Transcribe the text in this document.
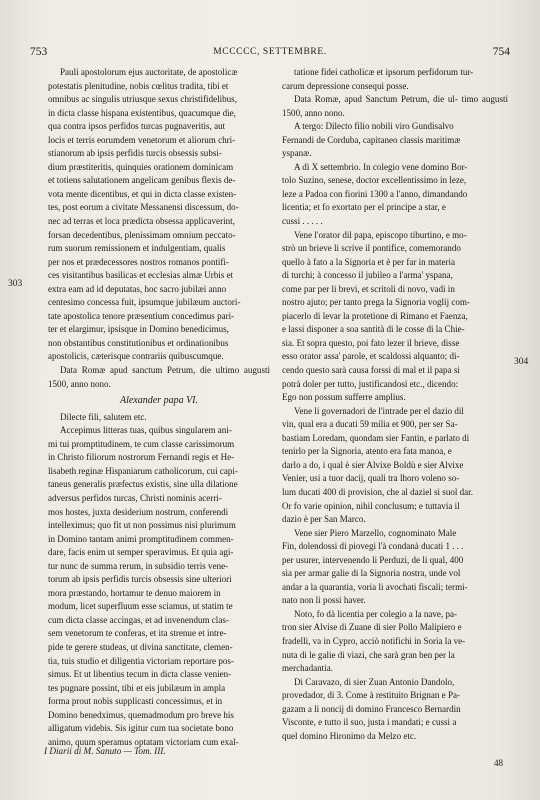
753	MCCCCC, SETTEMBRE.	754
303
304
Pauli apostolorum ejus auctoritate, de apostolicæ
potestatis plenitudine, nobis cœlitus tradita, tibi et
omnibus ac singulis utriusque sexus christifidelibus,
in dicta classe hispana existentibus, quacumque die,
qua contra ipsos perfidos turcas pugnaveritis, aut
locis et terris eorumdem venetorum et aliorum chri-
stianorum ab ipsis perfidis turcis obsessis subsi-
dium præstiteritis, quinquies orationem dominicam
et totiens salutationem angelicam genibus flexis de-
vota mente dicentibus, et qui in dicta classe existen-
tes, post eorum a civitate Messanensi discessum, do-
nec ad terras et loca prædicta obsessa applicaverint,
forsan decedentibus, plenissimam omnium peccato-
rum suorum remissionem et indulgentiam, qualis
per nos et prædecessores nostros romanos pontifi-
ces visitantibus basilicas et ecclesias almæ Urbis et
extra eam ad id deputatas, hoc sacro jubilæi anno
centesimo concessa fuit, ipsumque jubilæum auctori-
tate apostolica tenore præsentium concedimus pari-
ter et elargimur, ipsisque in Domino benedicimus,
non obstantibus constitutionibus et ordinationibus
apostolicis, cæterisque contrariis quibuscumque.

Data Romæ apud sanctum Petrum, die ultimo augusti 1500, anno nono.

Alexander papa VI.

Dilecte fili, salutem etc.

Accepimus litteras tuas, quibus singularem ani-
mi tui promptitudinem, te cum classe carissimorum
in Christo filiorum nostrorum Fernandi regis et He-
lisabeth reginæ Hispaniarum catholicorum, cui capi-
taneus generalis præfectus existis, sine ulla dilatione
adversus perfidos turcas, Christi nominis acerri-
mos hostes, juxta desiderium nostrum, conferendi
intelleximus; quo fit ut non possimus nisi plurimum
in Domino tantam animi promptitudinem commen-
dare, facis enim ut semper speravimus. Et quia agi-
tur nunc de summa rerum, in subsidio terris vene-
torum ab ipsis perfidis turcis obsessis sine ulteriori
mora præstando, hortamur te denuo maiorem in
modum, licet superfluum esse sciamus, ut statim te
cum dicta classe accingas, et ad invenendum clas-
sem venetorum te conferas, et ita strenue et intre-
pide te gerere studeas, ut divina sanctitate, clemen-
tia, tuis studio et diligentia victoriam reportare pos-
simus. Et ut libentius tecum in dicta classe venien-
tes pugnare possint, tibi et eis jubilæum in ampla
forma prout nobis supplicasti concessimus, et in
Domino benedximus, quemadmodum pro breve his
alligatum videbis. Sis igitur cum tua societate bono
animo, quum speramus optatam victoriam cum exal-
tatione fidei catholicæ et ipsorum perfidorum tur-
carum depressione consequi posse.

Data Romæ, apud Sanctum Petrum, die ul- timo augusti 1500, anno nono.

A tergo: Dilecto filio nobili viro Gundisalvo
Fernandi de Corduba, capitaneo classis maritimæ
yspanæ.
A dì X settembrio. In colegio vene domino Bor-
tolo Suzino, senese, doctor excellentissimo in leze,
leze a Padoa con fiorini 1300 a l'anno, dimandando
licentia; et fo exortato per el principe a star, e
cussi . . . . .
Vene l'orator dil papa, episcopo tiburtino, e mo-
strò un brieve li scrive il pontifice, comemorando
quello à fato a la Signoria et è per far in materia
di turchi; à concesso il jubileo a l'arma' yspana,
come par per li brevi, et scritoli di novo, vadi in
nostro ajuto; per tanto prega la Signoria voglij com-
piacerlo di levar la protetione di Rimano et Faenza,
e lassi disponer a soa santità di le cosse di la Chie-
sia. Et sopra questo, poi fato lezer il brieve, disse
esso orator assa' parole, et scaldossi alquanto; di-
cendo questo sarà causa forssi di mal et il papa si
potrà doler per tutto, justificandosi etc., dicendo:
Ego non possum sufferre amplius.
Vene li governadori de l'intrade per el dazio dil
vin, qual era a ducati 59 milia et 900, per ser Sa-
bastiam Loredam, quondam sier Fantin, e parlato di
tenirlo per la Signoria, atento era fata manoa, e
darlo a do, i qual è sier Alvixe Boldù e sier Alvixe
Venier, usi a tuor dacij, quali tra lhoro voleno so-
lum ducati 400 di provision, che al daziel si suol dar.
Or fo varie opinion, nihil conclusum; e tuttavia il
dazio è per San Marco.
Vene sier Piero Marzello, cognominato Male
Fin, dolendossi di piovegi l'à condanà ducati 1 . . .
per usurer, intervenendo li Perduzi, de li qual, 400
sia per armar galie di la Signoria nostra, unde vol
andar a la quarantia, voria li avochati fiscali; termi-
nato non li possi haver.
Noto, fo dà licentia per colegio a la nave, pa-
tron sier Alvise di Zuane di sier Pollo Malipiero e
fradelli, va in Cypro, acciò notifichi in Soria la ve-
nuta di le galie di viazi, che sarà gran ben per la
merchadantia.
Di Caravazo, di sier Zuan Antonio Dandolo,
provedador, di 3. Come à restituito Brignan e Pa-
gazam a li noncij di domino Francesco Bernardin
Visconte, e tutto il suo, justa i mandati; e cussì a
quel domino Hironimo da Melzo etc.
I Diarii di M. Sanuto — Tom. III.
48
